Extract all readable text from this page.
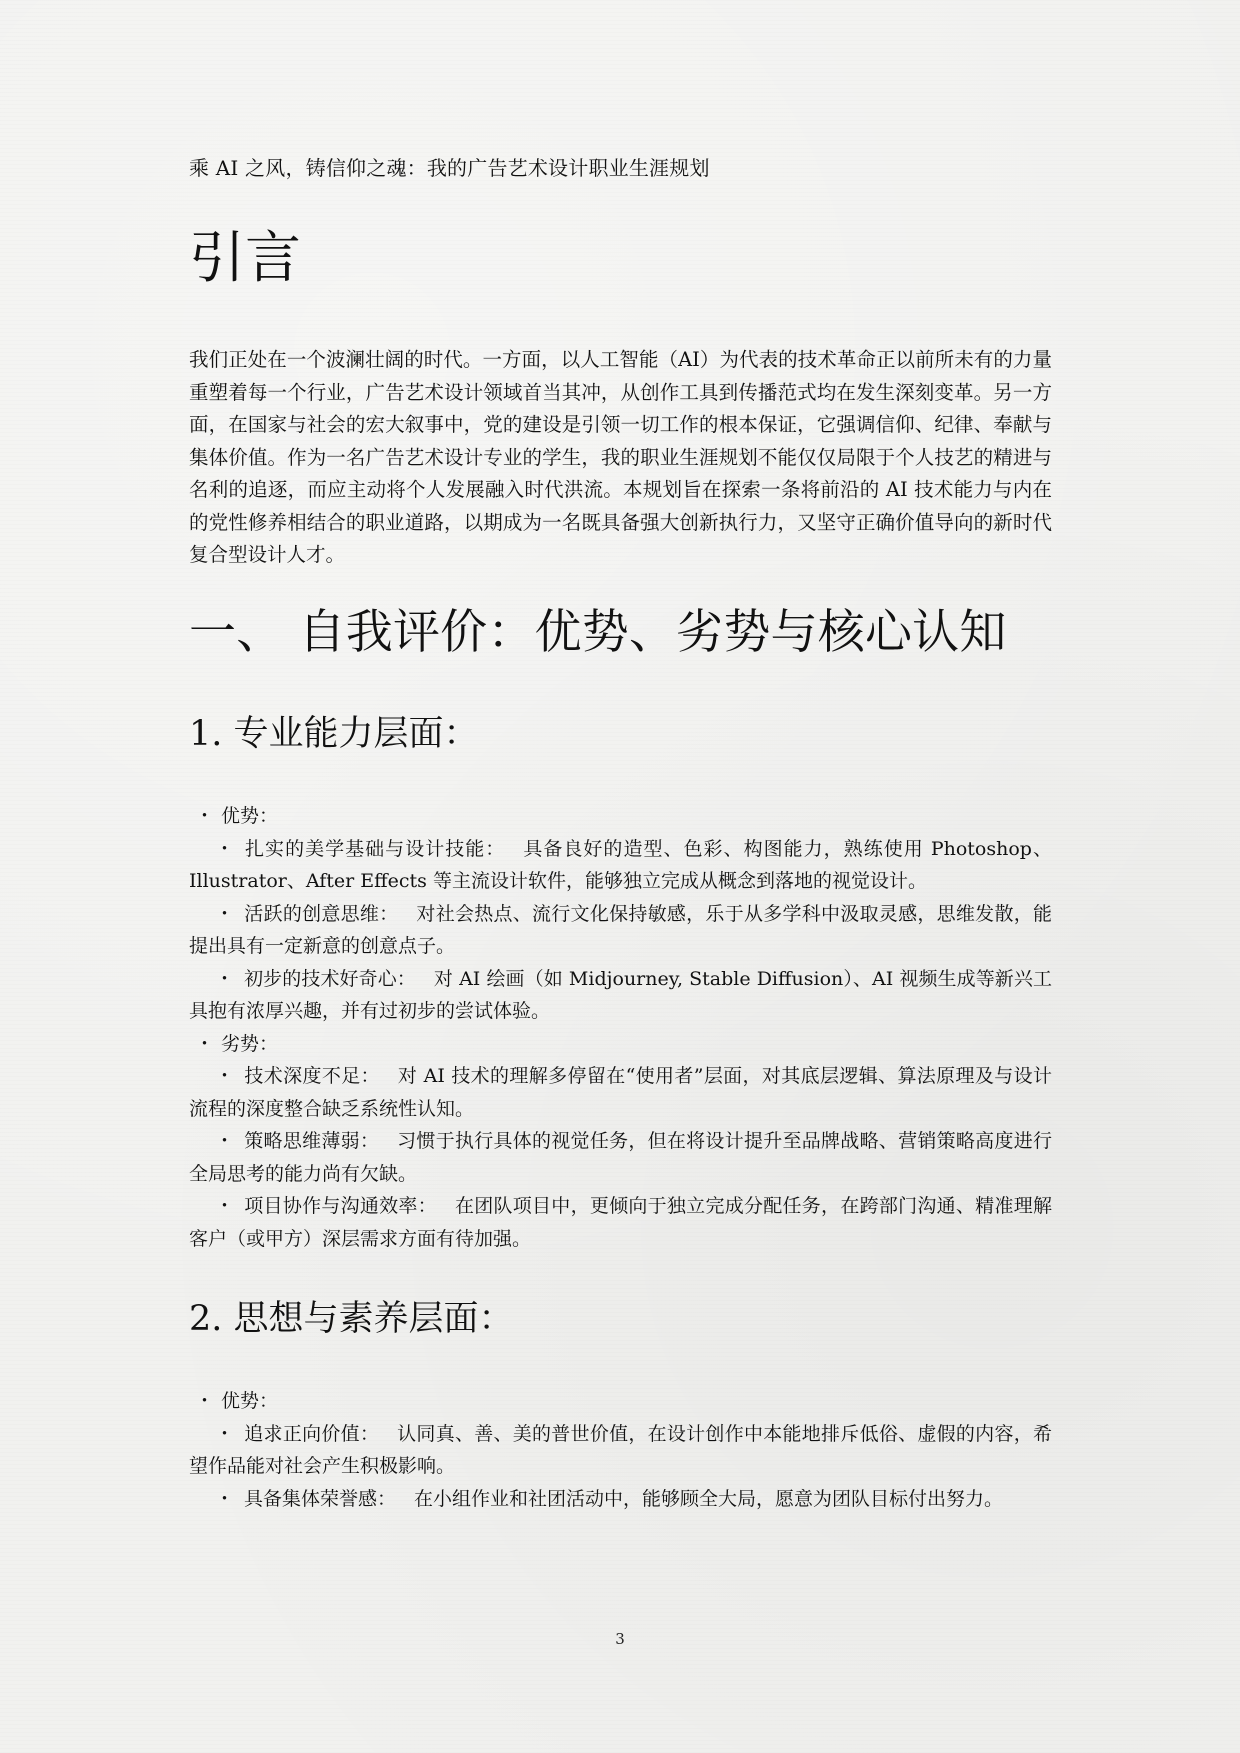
乘 AI 之风，铸信仰之魂：我的广告艺术设计职业生涯规划
引言

我们正处在一个波澜壮阔的时代。一方面，以人工智能（AI）为代表的技术革命正以前所未有的力量重塑着每一个行业，广告艺术设计领域首当其冲，从创作工具到传播范式均在发生深刻变革。另一方面，在国家与社会的宏大叙事中，党的建设是引领一切工作的根本保证，它强调信仰、纪律、奉献与集体价值。作为一名广告艺术设计专业的学生，我的职业生涯规划不能仅仅局限于个人技艺的精进与名利的追逐，而应主动将个人发展融入时代洪流。本规划旨在探索一条将前沿的 AI 技术能力与内在的党性修养相结合的职业道路，以期成为一名既具备强大创新执行力，又坚守正确价值导向的新时代复合型设计人才。

一、 自我评价：优势、劣势与核心认知
1. 专业能力层面：
・ 优势：
・ 扎实的美学基础与设计技能： 具备良好的造型、色彩、构图能力，熟练使用 Photoshop、Illustrator、After Effects 等主流设计软件，能够独立完成从概念到落地的视觉设计。
・ 活跃的创意思维： 对社会热点、流行文化保持敏感，乐于从多学科中汲取灵感，思维发散，能提出具有一定新意的创意点子。
・ 初步的技术好奇心： 对 AI 绘画（如 Midjourney, Stable Diffusion）、AI 视频生成等新兴工具抱有浓厚兴趣，并有过初步的尝试体验。
・ 劣势：
・ 技术深度不足： 对 AI 技术的理解多停留在“使用者”层面，对其底层逻辑、算法原理及与设计流程的深度整合缺乏系统性认知。
・ 策略思维薄弱： 习惯于执行具体的视觉任务，但在将设计提升至品牌战略、营销策略高度进行全局思考的能力尚有欠缺。
・ 项目协作与沟通效率： 在团队项目中，更倾向于独立完成分配任务，在跨部门沟通、精准理解客户（或甲方）深层需求方面有待加强。
2. 思想与素养层面：
・ 优势：
・ 追求正向价值： 认同真、善、美的普世价值，在设计创作中本能地排斥低俗、虚假的内容，希望作品能对社会产生积极影响。
・ 具备集体荣誉感： 在小组作业和社团活动中，能够顾全大局，愿意为团队目标付出努力。
3
